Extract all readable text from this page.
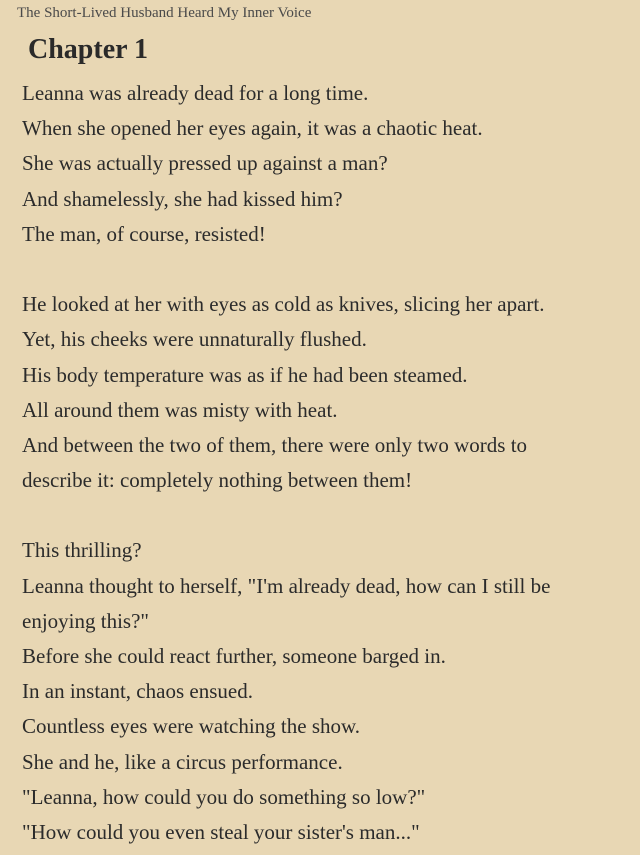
The Short-Lived Husband Heard My Inner Voice
Chapter 1
Leanna was already dead for a long time.
When she opened her eyes again, it was a chaotic heat.
She was actually pressed up against a man?
And shamelessly, she had kissed him?
The man, of course, resisted!
He looked at her with eyes as cold as knives, slicing her apart.
Yet, his cheeks were unnaturally flushed.
His body temperature was as if he had been steamed.
All around them was misty with heat.
And between the two of them, there were only two words to
describe it: completely nothing between them!
This thrilling?
Leanna thought to herself, "I'm already dead, how can I still be
enjoying this?"
Before she could react further, someone barged in.
In an instant, chaos ensued.
Countless eyes were watching the show.
She and he, like a circus performance.
"Leanna, how could you do something so low?"
"How could you even steal your sister's man..."
